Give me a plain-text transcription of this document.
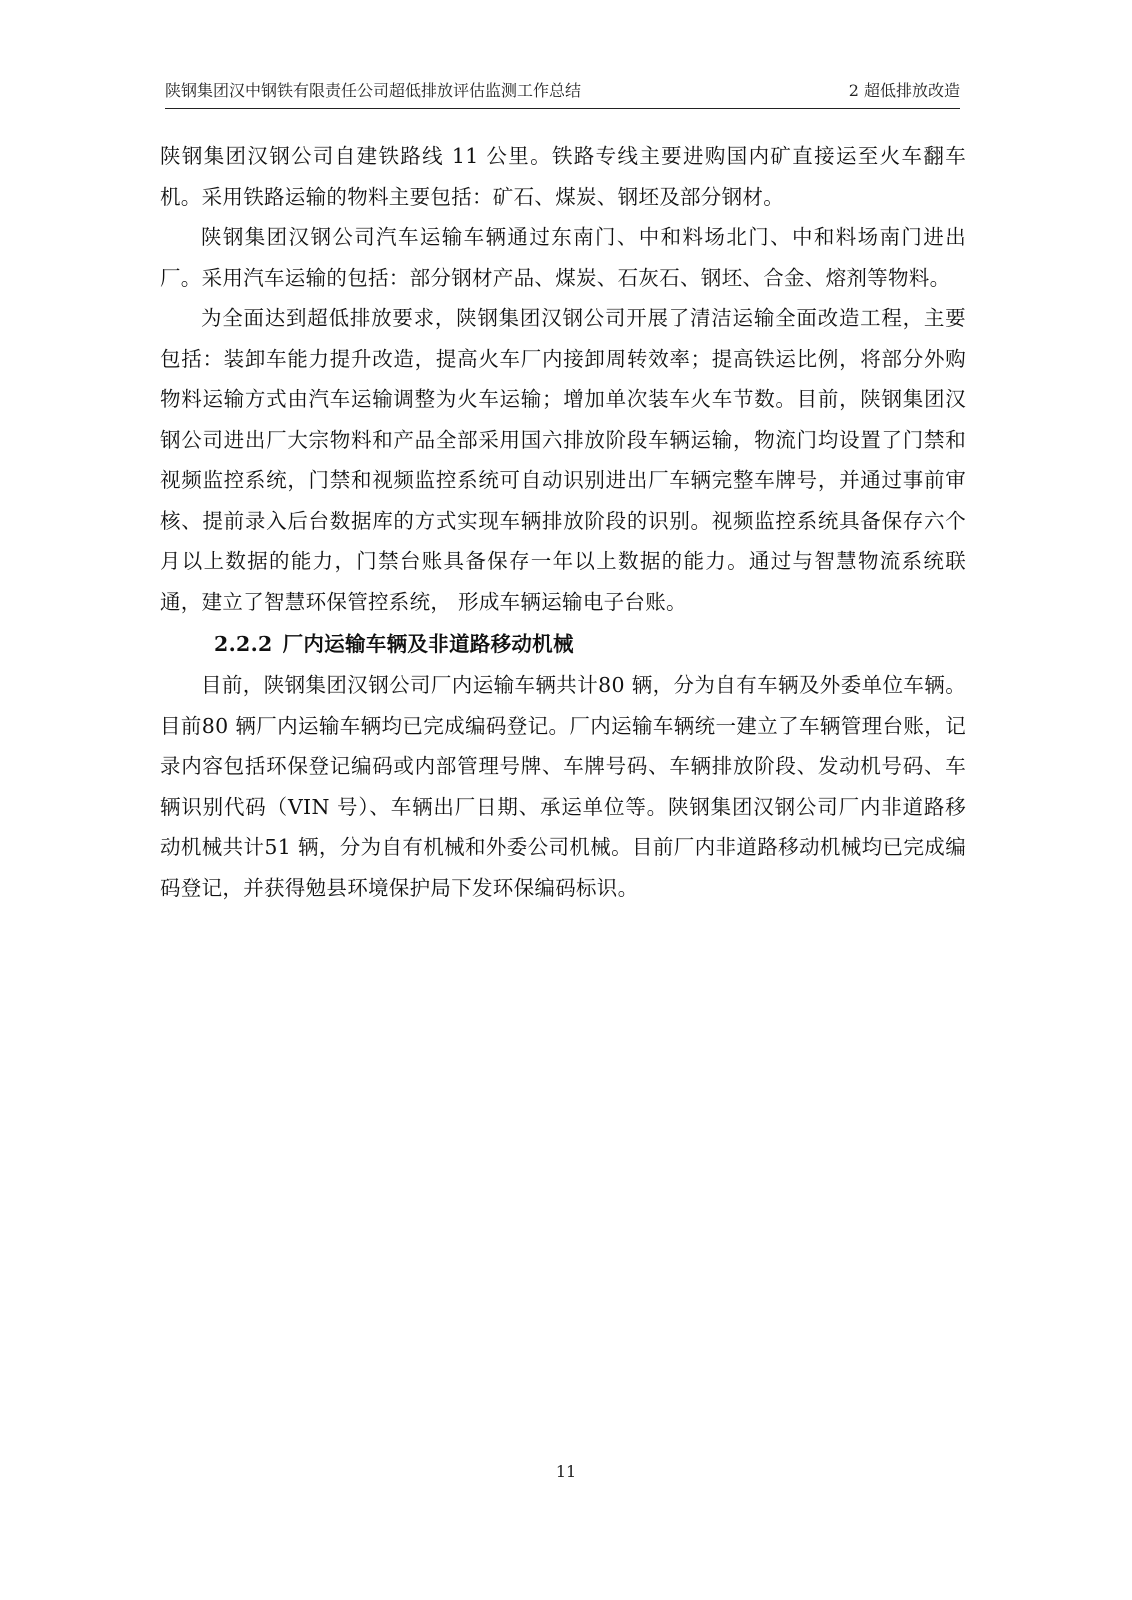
陕钢集团汉中钢铁有限责任公司超低排放评估监测工作总结	2 超低排放改造

陕钢集团汉钢公司自建铁路线 11 公里。铁路专线主要进购国内矿直接运至火车翻车机。采用铁路运输的物料主要包括：矿石、煤炭、钢坯及部分钢材。

陕钢集团汉钢公司汽车运输车辆通过东南门、中和料场北门、中和料场南门进出厂。采用汽车运输的包括：部分钢材产品、煤炭、石灰石、钢坯、合金、熔剂等物料。

为全面达到超低排放要求，陕钢集团汉钢公司开展了清洁运输全面改造工程，主要包括：装卸车能力提升改造，提高火车厂内接卸周转效率；提高铁运比例，将部分外购物料运输方式由汽车运输调整为火车运输；增加单次装车火车节数。目前，陕钢集团汉钢公司进出厂大宗物料和产品全部采用国六排放阶段车辆运输，物流门均设置了门禁和视频监控系统，门禁和视频监控系统可自动识别进出厂车辆完整车牌号，并通过事前审核、提前录入后台数据库的方式实现车辆排放阶段的识别。视频监控系统具备保存六个月以上数据的能力，门禁台账具备保存一年以上数据的能力。通过与智慧物流系统联通，建立了智慧环保管控系统， 形成车辆运输电子台账。

2.2.2 厂内运输车辆及非道路移动机械

目前，陕钢集团汉钢公司厂内运输车辆共计80 辆，分为自有车辆及外委单位车辆。目前80 辆厂内运输车辆均已完成编码登记。厂内运输车辆统一建立了车辆管理台账，记录内容包括环保登记编码或内部管理号牌、车牌号码、车辆排放阶段、发动机号码、车辆识别代码（VIN 号）、车辆出厂日期、承运单位等。陕钢集团汉钢公司厂内非道路移动机械共计51 辆，分为自有机械和外委公司机械。目前厂内非道路移动机械均已完成编码登记，并获得勉县环境保护局下发环保编码标识。

11
